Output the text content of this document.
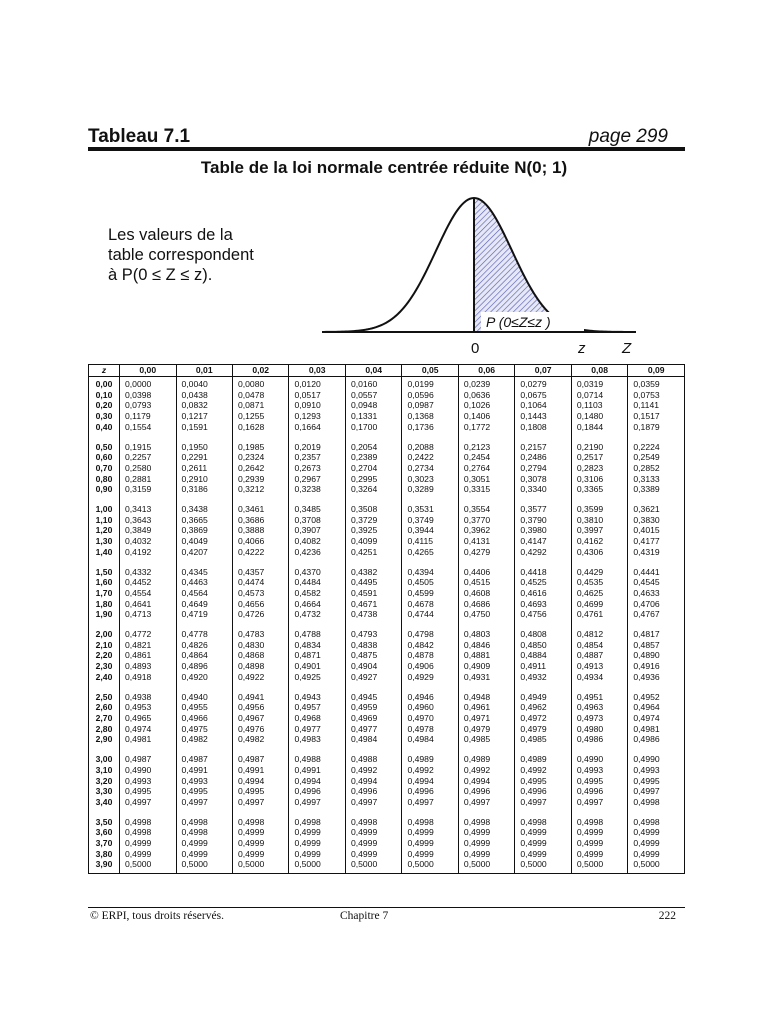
Tableau 7.1	page 299
Table de la loi normale centrée réduite N(0; 1)
Les valeurs de la
table correspondent
à P(0 ≤ Z ≤ z).
P (0≤Z≤z )
0	z Z
z	0,00	0,01	0,02	0,03	0,04	0,05	0,06	0,07	0,08	0,09
0,00	0,0000	0,0040	0,0080	0,0120	0,0160	0,0199	0,0239	0,0279	0,0319	0,0359
0,10	0,0398	0,0438	0,0478	0,0517	0,0557	0,0596	0,0636	0,0675	0,0714	0,0753
0,20	0,0793	0,0832	0,0871	0,0910	0,0948	0,0987	0,1026	0,1064	0,1103	0,1141
0,30	0,1179	0,1217	0,1255	0,1293	0,1331	0,1368	0,1406	0,1443	0,1480	0,1517
0,40	0,1554	0,1591	0,1628	0,1664	0,1700	0,1736	0,1772	0,1808	0,1844	0,1879
0,50	0,1915	0,1950	0,1985	0,2019	0,2054	0,2088	0,2123	0,2157	0,2190	0,2224
0,60	0,2257	0,2291	0,2324	0,2357	0,2389	0,2422	0,2454	0,2486	0,2517	0,2549
0,70	0,2580	0,2611	0,2642	0,2673	0,2704	0,2734	0,2764	0,2794	0,2823	0,2852
0,80	0,2881	0,2910	0,2939	0,2967	0,2995	0,3023	0,3051	0,3078	0,3106	0,3133
0,90	0,3159	0,3186	0,3212	0,3238	0,3264	0,3289	0,3315	0,3340	0,3365	0,3389
1,00	0,3413	0,3438	0,3461	0,3485	0,3508	0,3531	0,3554	0,3577	0,3599	0,3621
1,10	0,3643	0,3665	0,3686	0,3708	0,3729	0,3749	0,3770	0,3790	0,3810	0,3830
1,20	0,3849	0,3869	0,3888	0,3907	0,3925	0,3944	0,3962	0,3980	0,3997	0,4015
1,30	0,4032	0,4049	0,4066	0,4082	0,4099	0,4115	0,4131	0,4147	0,4162	0,4177
1,40	0,4192	0,4207	0,4222	0,4236	0,4251	0,4265	0,4279	0,4292	0,4306	0,4319
1,50	0,4332	0,4345	0,4357	0,4370	0,4382	0,4394	0,4406	0,4418	0,4429	0,4441
1,60	0,4452	0,4463	0,4474	0,4484	0,4495	0,4505	0,4515	0,4525	0,4535	0,4545
1,70	0,4554	0,4564	0,4573	0,4582	0,4591	0,4599	0,4608	0,4616	0,4625	0,4633
1,80	0,4641	0,4649	0,4656	0,4664	0,4671	0,4678	0,4686	0,4693	0,4699	0,4706
1,90	0,4713	0,4719	0,4726	0,4732	0,4738	0,4744	0,4750	0,4756	0,4761	0,4767
2,00	0,4772	0,4778	0,4783	0,4788	0,4793	0,4798	0,4803	0,4808	0,4812	0,4817
2,10	0,4821	0,4826	0,4830	0,4834	0,4838	0,4842	0,4846	0,4850	0,4854	0,4857
2,20	0,4861	0,4864	0,4868	0,4871	0,4875	0,4878	0,4881	0,4884	0,4887	0,4890
2,30	0,4893	0,4896	0,4898	0,4901	0,4904	0,4906	0,4909	0,4911	0,4913	0,4916
2,40	0,4918	0,4920	0,4922	0,4925	0,4927	0,4929	0,4931	0,4932	0,4934	0,4936
2,50	0,4938	0,4940	0,4941	0,4943	0,4945	0,4946	0,4948	0,4949	0,4951	0,4952
2,60	0,4953	0,4955	0,4956	0,4957	0,4959	0,4960	0,4961	0,4962	0,4963	0,4964
2,70	0,4965	0,4966	0,4967	0,4968	0,4969	0,4970	0,4971	0,4972	0,4973	0,4974
2,80	0,4974	0,4975	0,4976	0,4977	0,4977	0,4978	0,4979	0,4979	0,4980	0,4981
2,90	0,4981	0,4982	0,4982	0,4983	0,4984	0,4984	0,4985	0,4985	0,4986	0,4986
3,00	0,4987	0,4987	0,4987	0,4988	0,4988	0,4989	0,4989	0,4989	0,4990	0,4990
3,10	0,4990	0,4991	0,4991	0,4991	0,4992	0,4992	0,4992	0,4992	0,4993	0,4993
3,20	0,4993	0,4993	0,4994	0,4994	0,4994	0,4994	0,4994	0,4995	0,4995	0,4995
3,30	0,4995	0,4995	0,4995	0,4996	0,4996	0,4996	0,4996	0,4996	0,4996	0,4997
3,40	0,4997	0,4997	0,4997	0,4997	0,4997	0,4997	0,4997	0,4997	0,4997	0,4998
3,50	0,4998	0,4998	0,4998	0,4998	0,4998	0,4998	0,4998	0,4998	0,4998	0,4998
3,60	0,4998	0,4998	0,4999	0,4999	0,4999	0,4999	0,4999	0,4999	0,4999	0,4999
3,70	0,4999	0,4999	0,4999	0,4999	0,4999	0,4999	0,4999	0,4999	0,4999	0,4999
3,80	0,4999	0,4999	0,4999	0,4999	0,4999	0,4999	0,4999	0,4999	0,4999	0,4999
3,90	0,5000	0,5000	0,5000	0,5000	0,5000	0,5000	0,5000	0,5000	0,5000	0,5000
© ERPI, tous droits réservés.	Chapitre 7	222
